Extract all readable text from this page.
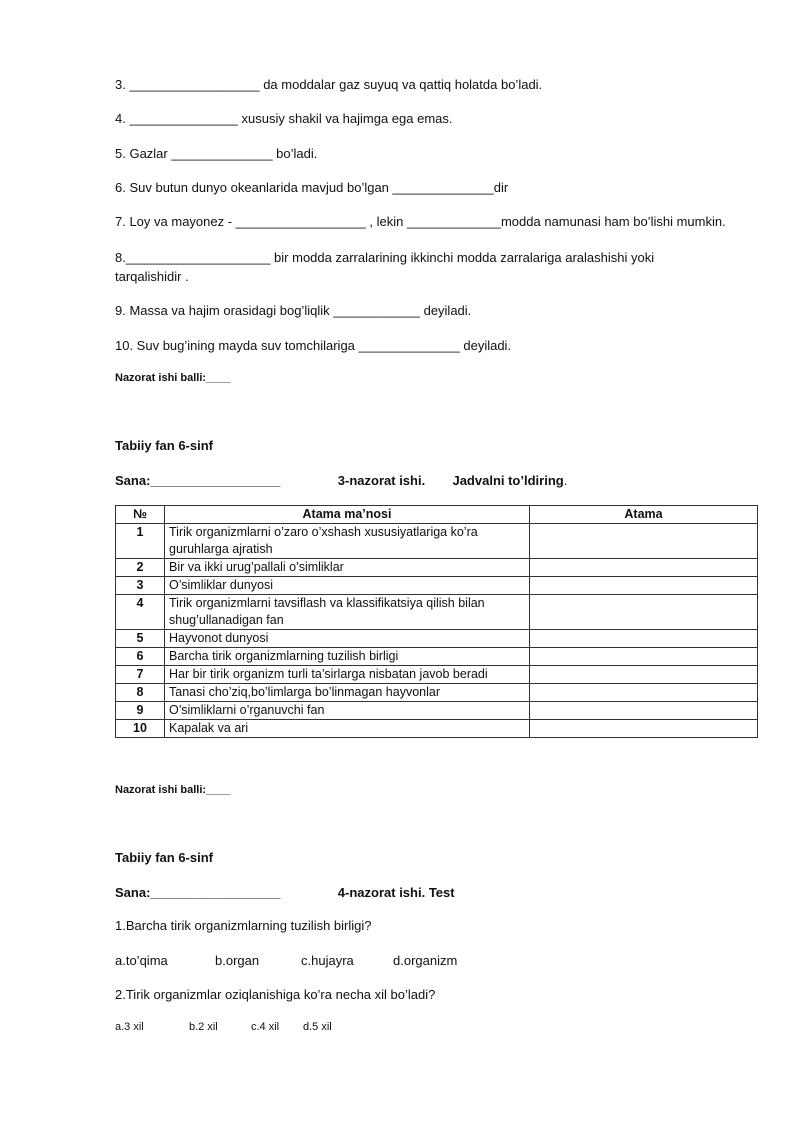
3. __________________ da moddalar gaz suyuq va qattiq holatda bo’ladi.
4. _______________ xususiy shakil va hajimga ega emas.
5. Gazlar ______________ bo’ladi.
6. Suv butun dunyo okeanlarida mavjud bo’lgan ______________dir
7. Loy va mayonez - __________________ , lekin _____________modda namunasi ham bo’lishi mumkin.
8.____________________ bir modda zarralarining ikkinchi modda zarralariga aralashishi yoki tarqalishidir .
9. Massa va hajim orasidagi bog’liqlik ____________ deyiladi.
10. Suv bug’ining mayda suv tomchilariga ______________ deyiladi.
Nazorat ishi balli:____
Tabiiy fan 6-sinf
Sana:__________________	3-nazorat ishi. Jadvalni to’ldiring.
№	Atama ma’nosi	Atama
1	Tirik organizmlarni o’zaro o’xshash xususiyatlariga ko’ra guruhlarga ajratish	
2	Bir va ikki urug’pallali o’simliklar	
3	O’simliklar dunyosi	
4	Tirik organizmlarni tavsiflash va klassifikatsiya qilish bilan shug’ullanadigan fan	
5	Hayvonot dunyosi	
6	Barcha tirik organizmlarning tuzilish birligi	
7	Har bir tirik organizm turli ta’sirlarga nisbatan javob beradi	
8	Tanasi cho’ziq,bo’limlarga bo’linmagan hayvonlar	
9	O’simliklarni o’rganuvchi fan	
10	Kapalak va ari	
Nazorat ishi balli:____
Tabiiy fan 6-sinf
Sana:__________________	4-nazorat ishi. Test
1.Barcha tirik organizmlarning tuzilish birligi?
a.to’qima	b.organ	c.hujayra	d.organizm
2.Tirik organizmlar oziqlanishiga ko’ra necha xil bo’ladi?
a.3 xil	b.2 xil	c.4 xil d.5 xil
